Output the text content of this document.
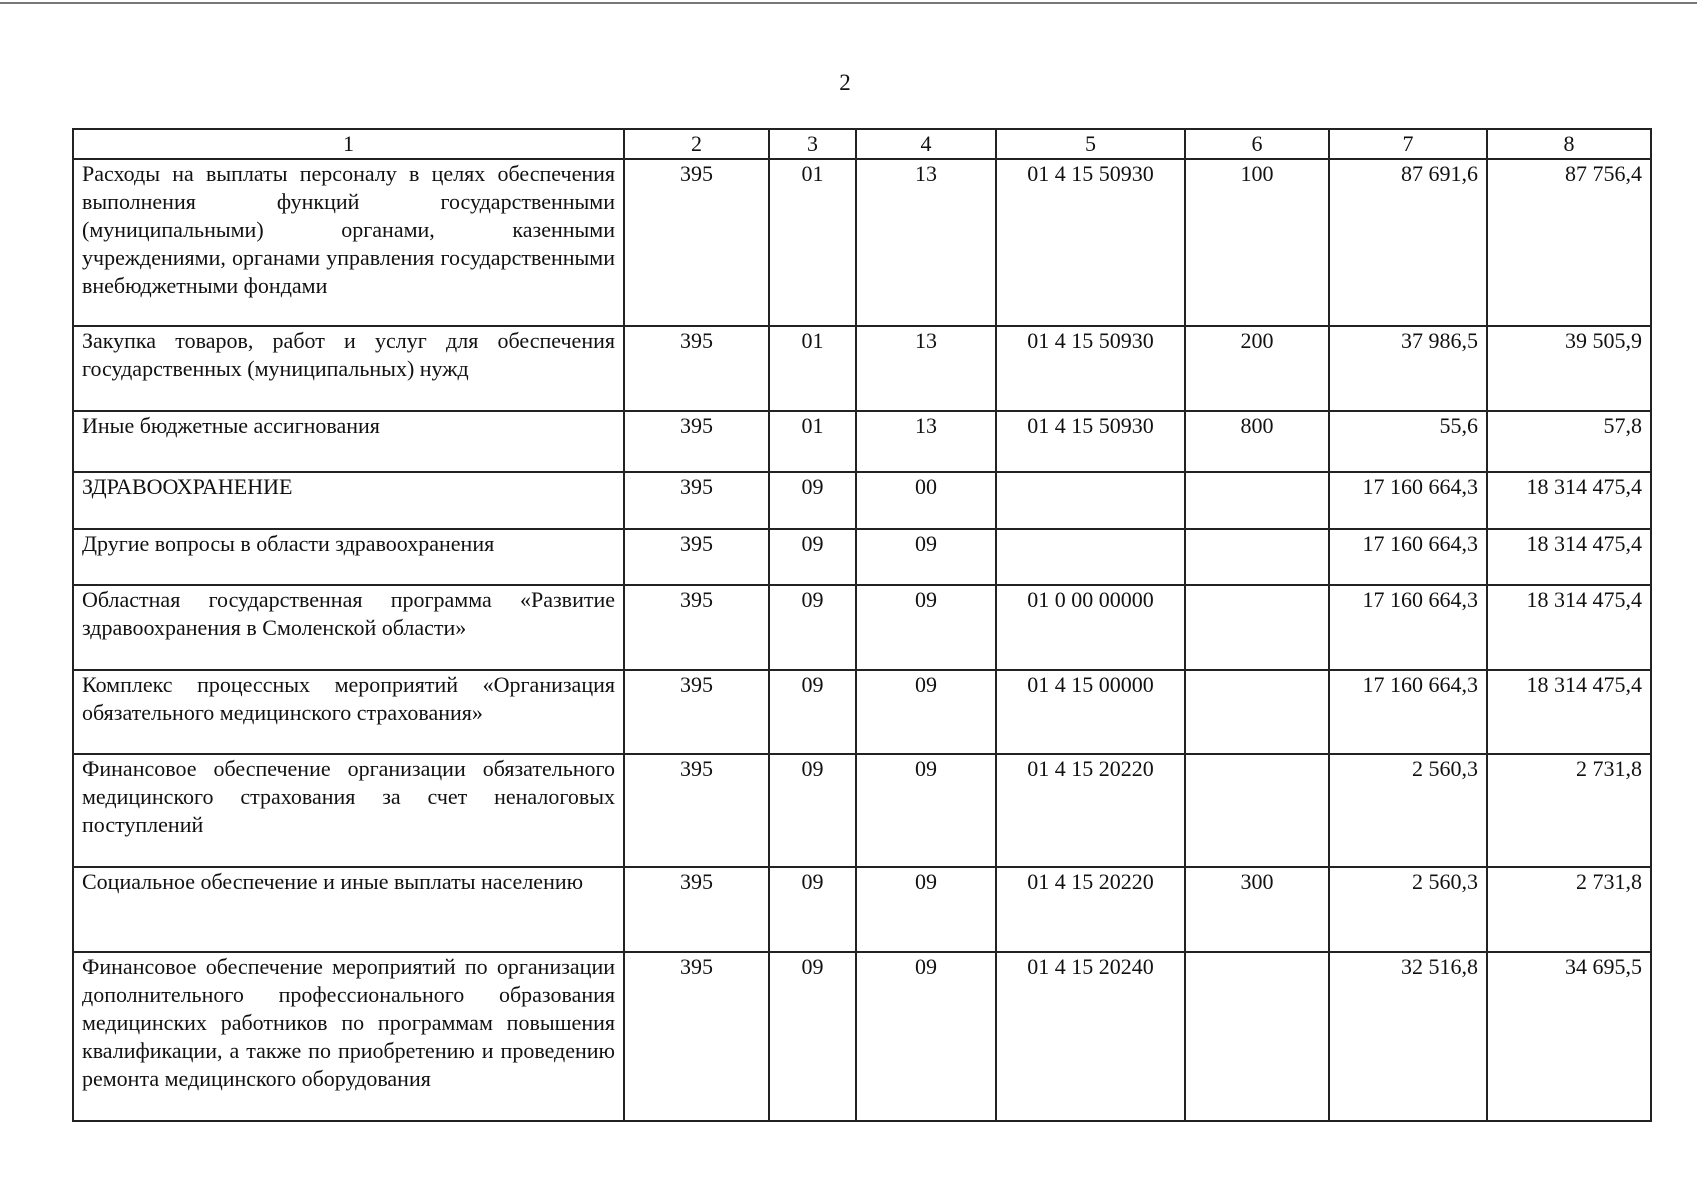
2
1	2	3	4	5	6	7	8
Расходы на выплаты персоналу в целях обеспечения выполнения функций государственными (муниципальными) органами, казенными учреждениями, органами управления государственными внебюджетными фондами	395	01	13	01 4 15 50930	100	87 691,6	87 756,4
Закупка товаров, работ и услуг для обеспечения государственных (муниципальных) нужд	395	01	13	01 4 15 50930	200	37 986,5	39 505,9
Иные бюджетные ассигнования	395	01	13	01 4 15 50930	800	55,6	57,8
ЗДРАВООХРАНЕНИЕ	395	09	00			17 160 664,3	18 314 475,4
Другие вопросы в области здравоохранения	395	09	09			17 160 664,3	18 314 475,4
Областная государственная программа «Развитие здравоохранения в Смоленской области»	395	09	09	01 0 00 00000		17 160 664,3	18 314 475,4
Комплекс процессных мероприятий «Организация обязательного медицинского страхования»	395	09	09	01 4 15 00000		17 160 664,3	18 314 475,4
Финансовое обеспечение организации обязательного медицинского страхования за счет неналоговых поступлений	395	09	09	01 4 15 20220		2 560,3	2 731,8
Социальное обеспечение и иные выплаты населению	395	09	09	01 4 15 20220	300	2 560,3	2 731,8
Финансовое обеспечение мероприятий по организации дополнительного профессионального образования медицинских работников по программам повышения квалификации, а также по приобретению и проведению ремонта медицинского оборудования	395	09	09	01 4 15 20240		32 516,8	34 695,5
